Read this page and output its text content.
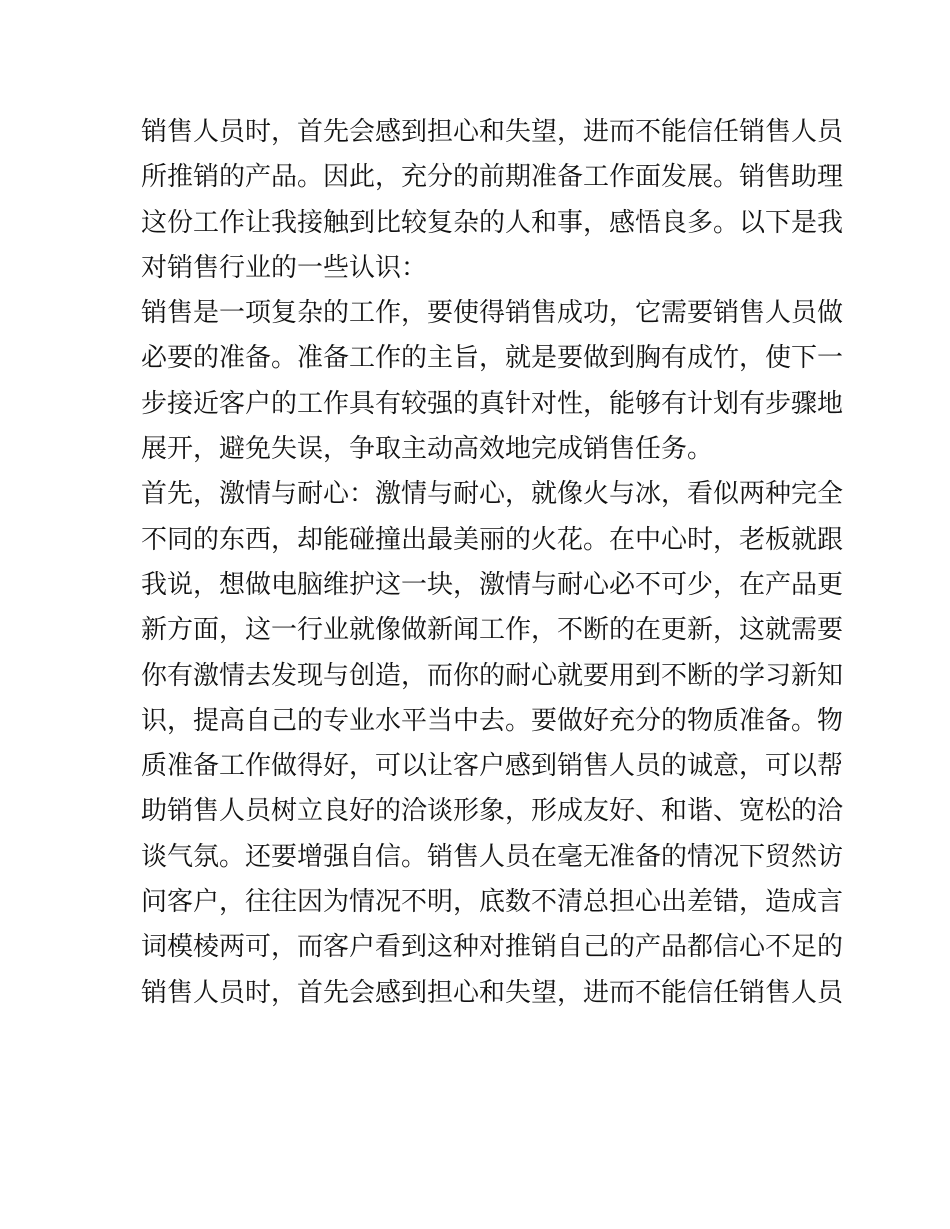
销售人员时，首先会感到担心和失望，进而不能信任销售人员
所推销的产品。因此，充分的前期准备工作面发展。销售助理
这份工作让我接触到比较复杂的人和事，感悟良多。以下是我
对销售行业的一些认识：
销售是一项复杂的工作，要使得销售成功，它需要销售人员做
必要的准备。准备工作的主旨，就是要做到胸有成竹，使下一
步接近客户的工作具有较强的真针对性，能够有计划有步骤地
展开，避免失误，争取主动高效地完成销售任务。
首先，激情与耐心：激情与耐心，就像火与冰，看似两种完全
不同的东西，却能碰撞出最美丽的火花。在中心时，老板就跟
我说，想做电脑维护这一块，激情与耐心必不可少，在产品更
新方面，这一行业就像做新闻工作，不断的在更新，这就需要
你有激情去发现与创造，而你的耐心就要用到不断的学习新知
识，提高自己的专业水平当中去。要做好充分的物质准备。物
质准备工作做得好，可以让客户感到销售人员的诚意，可以帮
助销售人员树立良好的洽谈形象，形成友好、和谐、宽松的洽
谈气氛。还要增强自信。销售人员在毫无准备的情况下贸然访
问客户，往往因为情况不明，底数不清总担心出差错，造成言
词模棱两可，而客户看到这种对推销自己的产品都信心不足的
销售人员时，首先会感到担心和失望，进而不能信任销售人员
